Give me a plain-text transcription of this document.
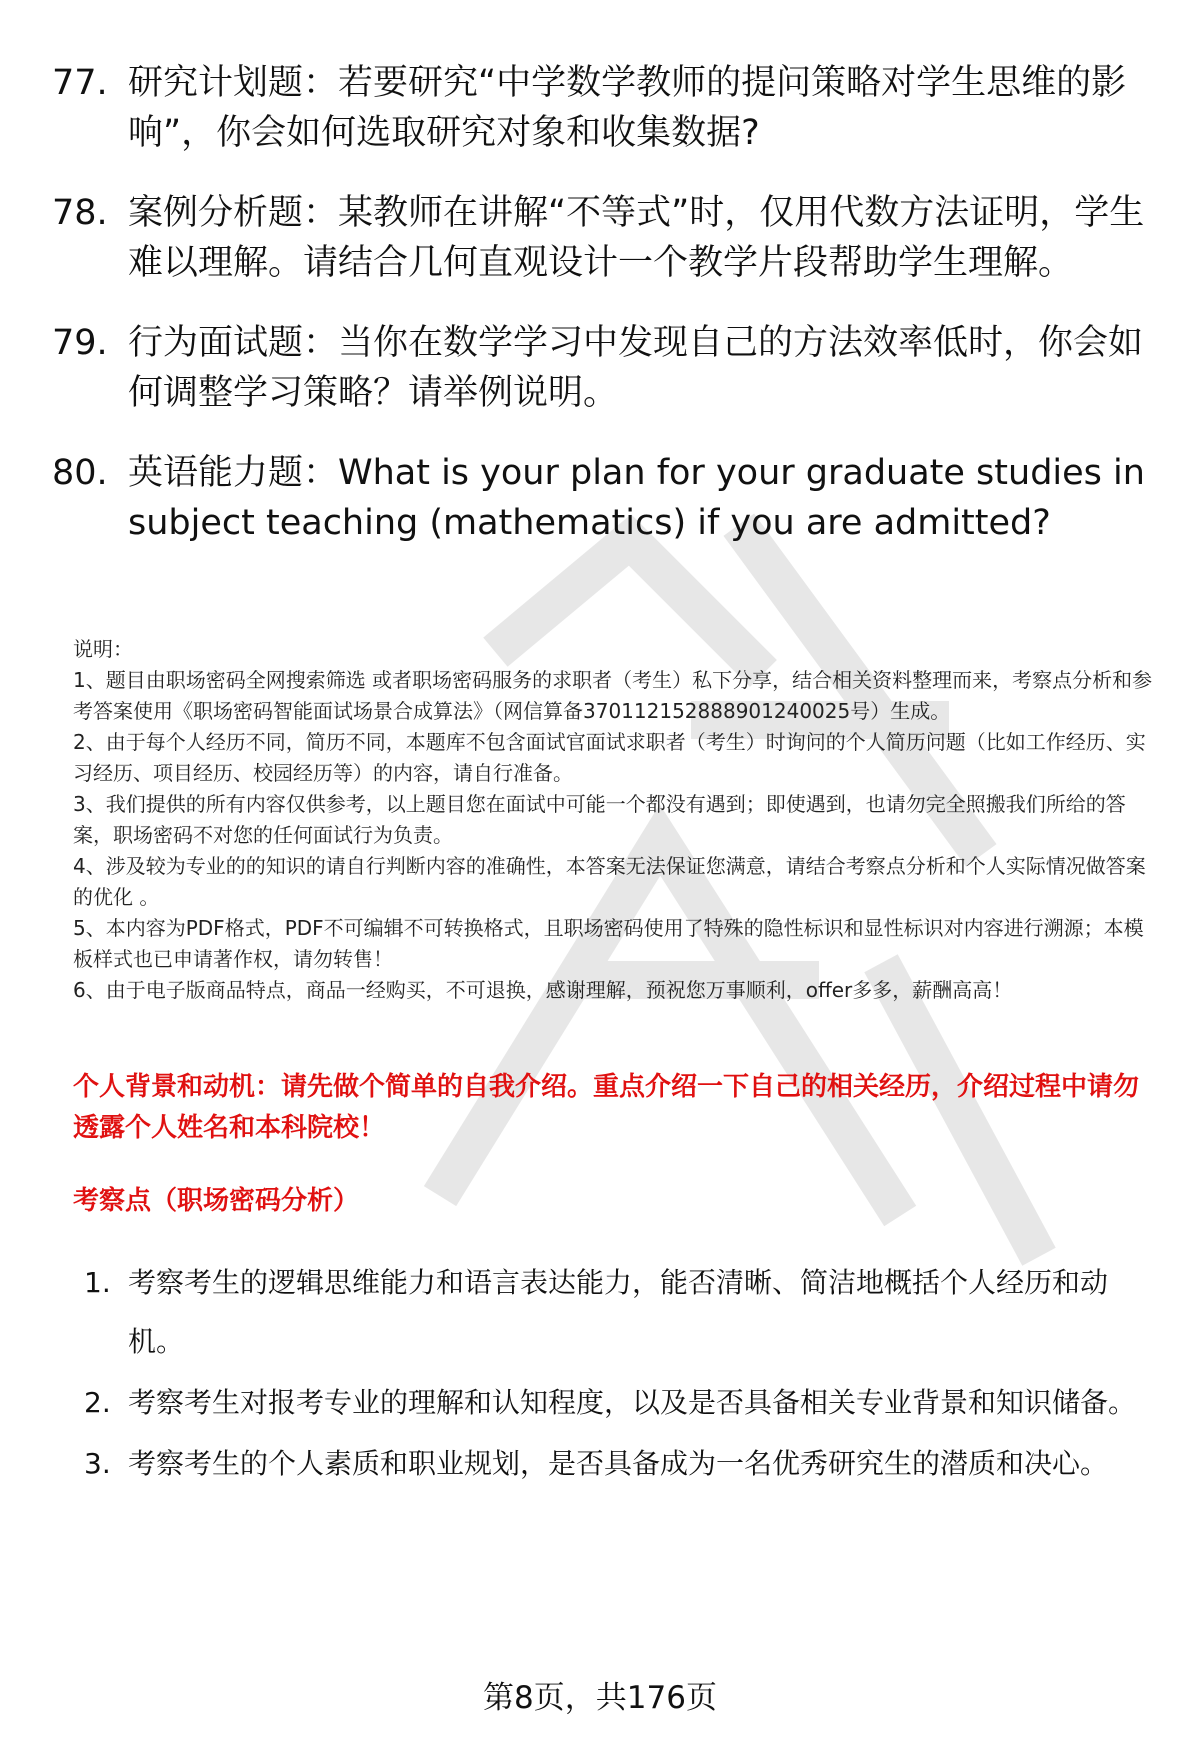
77. 研究计划题：若要研究“中学数学教师的提问策略对学生思维的影响”，你会如何选取研究对象和收集数据?
78. 案例分析题：某教师在讲解“不等式”时，仅用代数方法证明，学生难以理解。请结合几何直观设计一个教学片段帮助学生理解。
79. 行为面试题：当你在数学学习中发现自己的方法效率低时，你会如何调整学习策略？请举例说明。
80. 英语能力题：What is your plan for your graduate studies in subject teaching (mathematics) if you are admitted?

说明：

1、题目由职场密码全网搜索筛选 或者职场密码服务的求职者（考生）私下分享，结合相关资料整理而来，考察点分析和参考答案使用《职场密码智能面试场景合成算法》（网信算备370112152888901240025号）生成。

2、由于每个人经历不同，简历不同，本题库不包含面试官面试求职者（考生）时询问的个人简历问题（比如工作经历、实习经历、项目经历、校园经历等）的内容，请自行准备。

3、我们提供的所有内容仅供参考，以上题目您在面试中可能一个都没有遇到；即使遇到，也请勿完全照搬我们所给的答案，职场密码不对您的任何面试行为负责。

4、涉及较为专业的的知识的请自行判断内容的准确性，本答案无法保证您满意，请结合考察点分析和个人实际情况做答案的优化 。

5、本内容为PDF格式，PDF不可编辑不可转换格式，且职场密码使用了特殊的隐性标识和显性标识对内容进行溯源；本模板样式也已申请著作权，请勿转售！

6、由于电子版商品特点，商品一经购买，不可退换，感谢理解，预祝您万事顺利，offer多多，薪酬高高！

个人背景和动机：请先做个简单的自我介绍。重点介绍一下自己的相关经历，介绍过程中请勿透露个人姓名和本科院校！
考察点（职场密码分析）
1. 考察考生的逻辑思维能力和语言表达能力，能否清晰、简洁地概括个人经历和动机。
2. 考察考生对报考专业的理解和认知程度，以及是否具备相关专业背景和知识储备。
3. 考察考生的个人素质和职业规划，是否具备成为一名优秀研究生的潜质和决心。
第8页，共176页
